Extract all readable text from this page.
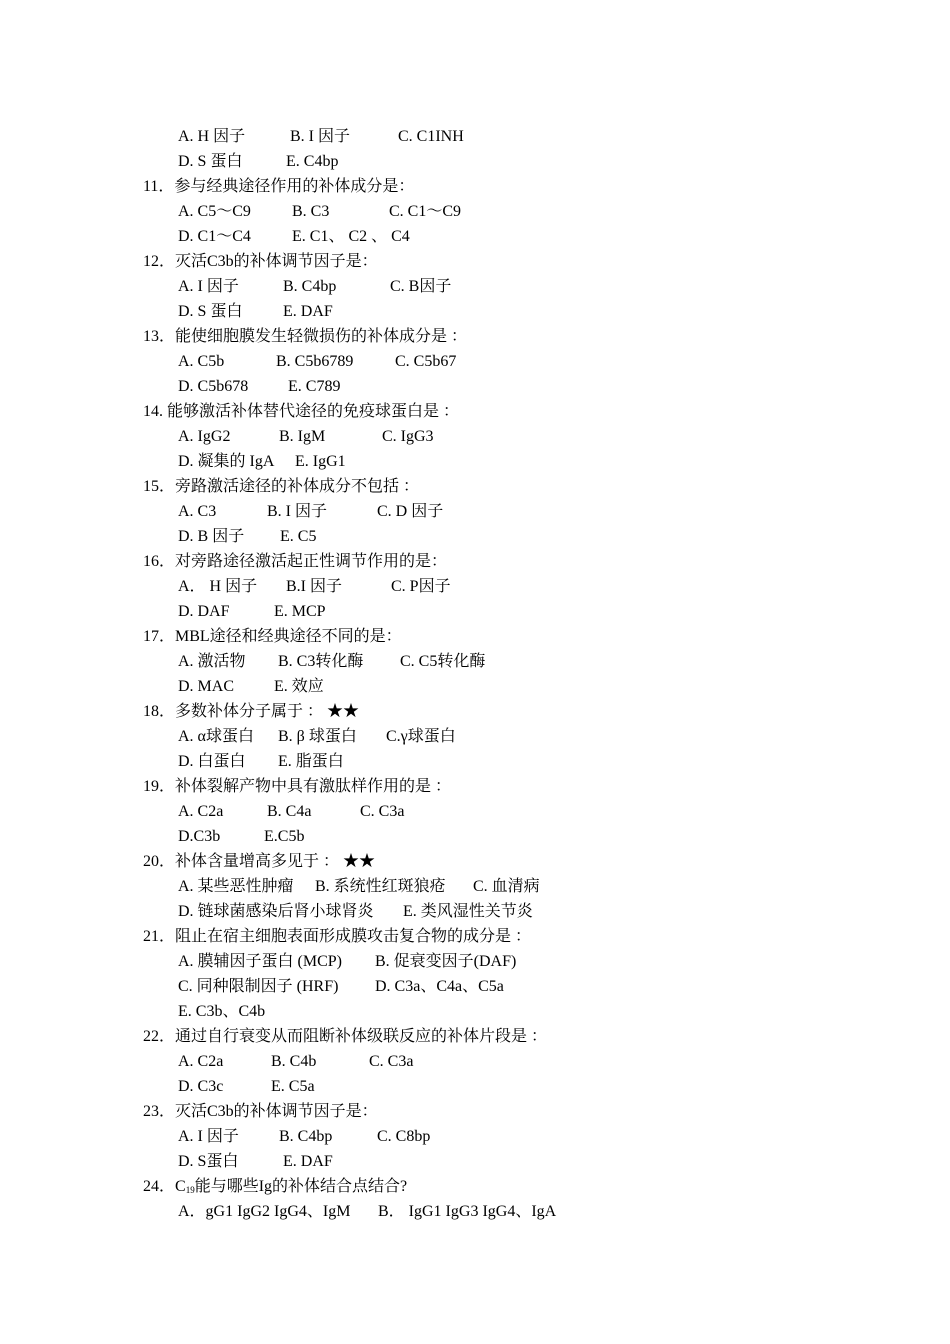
A. H 因子

	B. I 因子

	C. C1INH

D. S 蛋白

	E. C4bp

11．参与经典途径作用的补体成分是：

A. C5～C9

	B. C3

	C. C1～C9

D. C1～C4

	E. C1、 C2 、 C4

12．灭活C3b的补体调节因子是：

A. I 因子

	B. C4bp

	C. B因子

D. S 蛋白

	E. DAF

13．能使细胞膜发生轻微损伤的补体成分是 ：

A. C5b

	B. C5b6789

	C. C5b67

D. C5b678

E. C789

14. 能够激活补体替代途径的免疫球蛋白是 ：

A. IgG2

	B. IgM

	C. IgG3

D. 凝集的 IgA

E. IgG1

15．旁路激活途径的补体成分不包括 ：

A. C3

	B. I 因子

	C. D 因子

D. B 因子

E. C5

16．对旁路途径激活起正性调节作用的是：

A． H 因子

B.I 因子

	C. P因子

D. DAF

	E. MCP

17．MBL途径和经典途径不同的是：

A. 激活物

B. C3转化酶

C. C5转化酶

D. MAC

E. 效应

18．多数补体分子属于 ： ★★

A. α球蛋白

B. β 球蛋白

C.γ球蛋白

D. 白蛋白

E. 脂蛋白

19．补体裂解产物中具有激肽样作用的是 ：

A. C2a

	B. C4a

	C. C3a

D.C3b

	E.C5b

20．补体含量增高多见于 ： ★★

A. 某些恶性肿瘤

B. 系统性红斑狼疮

C. 血清病

D. 链球菌感染后肾小球肾炎

E. 类风湿性关节炎

21．阻止在宿主细胞表面形成膜攻击复合物的成分是 ：

A. 膜辅因子蛋白 (MCP)

B. 促衰变因子(DAF)

C. 同种限制因子 (HRF)

D. C3a、C4a、C5a

E. C3b、C4b

22．通过自行衰变从而阻断补体级联反应的补体片段是 ：

A. C2a

	B. C4b

	C. C3a

D. C3c

	E. C5a

23．灭活C3b的补体调节因子是：

A. I 因子

	B. C4bp

	C. C8bp

D. S蛋白

	E. DAF

24．$C_{19}$能与哪些Ig的补体结合点结合?

A．gG1 IgG2 IgG4、IgM

B． IgG1 IgG3 IgG4、IgA
